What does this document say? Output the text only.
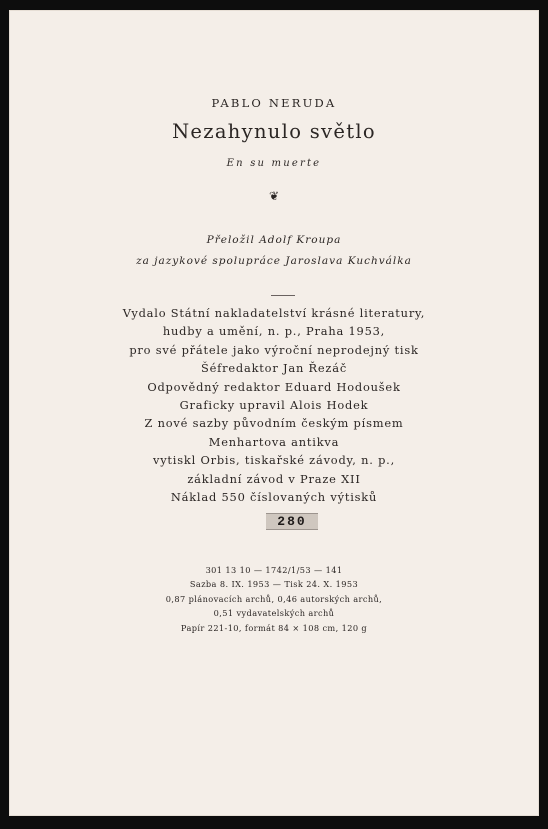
PABLO NERUDA
Nezahynulo světlo
En su muerte
❦
Přeložil Adolf Kroupa
za jazykové spolupráce Jaroslava Kuchválka
Vydalo Státní nakladatelství krásné literatury,
hudby a umění, n. p., Praha 1953,
pro své přátele jako výroční neprodejný tisk
Šéfredaktor Jan Řezáč
Odpovědný redaktor Eduard Hodoušek
Graficky upravil Alois Hodek
Z nové sazby původním českým písmem
Menhartova antikva
vytiskl Orbis, tiskařské závody, n. p.,
základní závod v Praze XII
Náklad 550 číslovaných výtisků
280
301 13 10 — 1742/1/53 — 141
Sazba 8. IX. 1953 — Tisk 24. X. 1953
0,87 plánovacích archů, 0,46 autorských archů,
0,51 vydavatelských archů
Papír 221-10, formát 84 × 108 cm, 120 g
